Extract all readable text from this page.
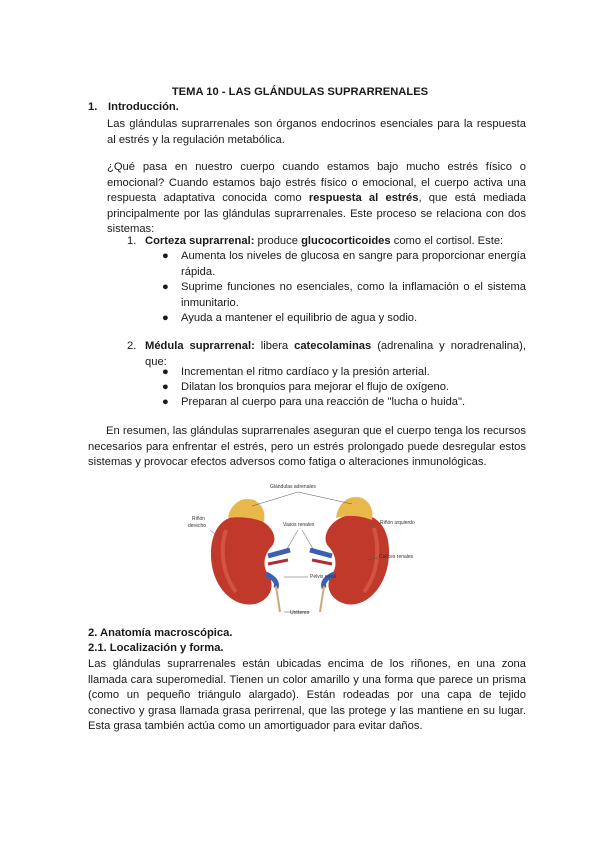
TEMA 10 - LAS GLÁNDULAS SUPRARRENALES
1. Introducción.
Las glándulas suprarrenales son órganos endocrinos esenciales para la respuesta al estrés y la regulación metabólica.
¿Qué pasa en nuestro cuerpo cuando estamos bajo mucho estrés físico o emocional? Cuando estamos bajo estrés físico o emocional, el cuerpo activa una respuesta adaptativa conocida como respuesta al estrés, que está mediada principalmente por las glándulas suprarrenales. Este proceso se relaciona con dos sistemas:
1. Corteza suprarrenal: produce glucocorticoides como el cortisol. Este:
● Aumenta los niveles de glucosa en sangre para proporcionar energía rápida.
● Suprime funciones no esenciales, como la inflamación o el sistema inmunitario.
● Ayuda a mantener el equilibrio de agua y sodio.
2. Médula suprarrenal: libera catecolaminas (adrenalina y noradrenalina), que:
● Incrementan el ritmo cardíaco y la presión arterial.
● Dilatan los bronquios para mejorar el flujo de oxígeno.
● Preparan al cuerpo para una reacción de "lucha o huida".
En resumen, las glándulas suprarrenales aseguran que el cuerpo tenga los recursos necesarios para enfrentar el estrés, pero un estrés prolongado puede desregular estos sistemas y provocar efectos adversos como fatiga o alteraciones inmunológicas.
Glándulas adrenales
Riñón
derecho	Vasos renales	Riñón izquierdo
Cálices renales
Pelvis renal
Uréteres
2. Anatomía macroscópica.
2.1. Localización y forma.
Las glándulas suprarrenales están ubicadas encima de los riñones, en una zona llamada cara superomedial. Tienen un color amarillo y una forma que parece un prisma (como un pequeño triángulo alargado). Están rodeadas por una capa de tejido conectivo y grasa llamada grasa perirrenal, que las protege y las mantiene en su lugar. Esta grasa también actúa como un amortiguador para evitar daños.
